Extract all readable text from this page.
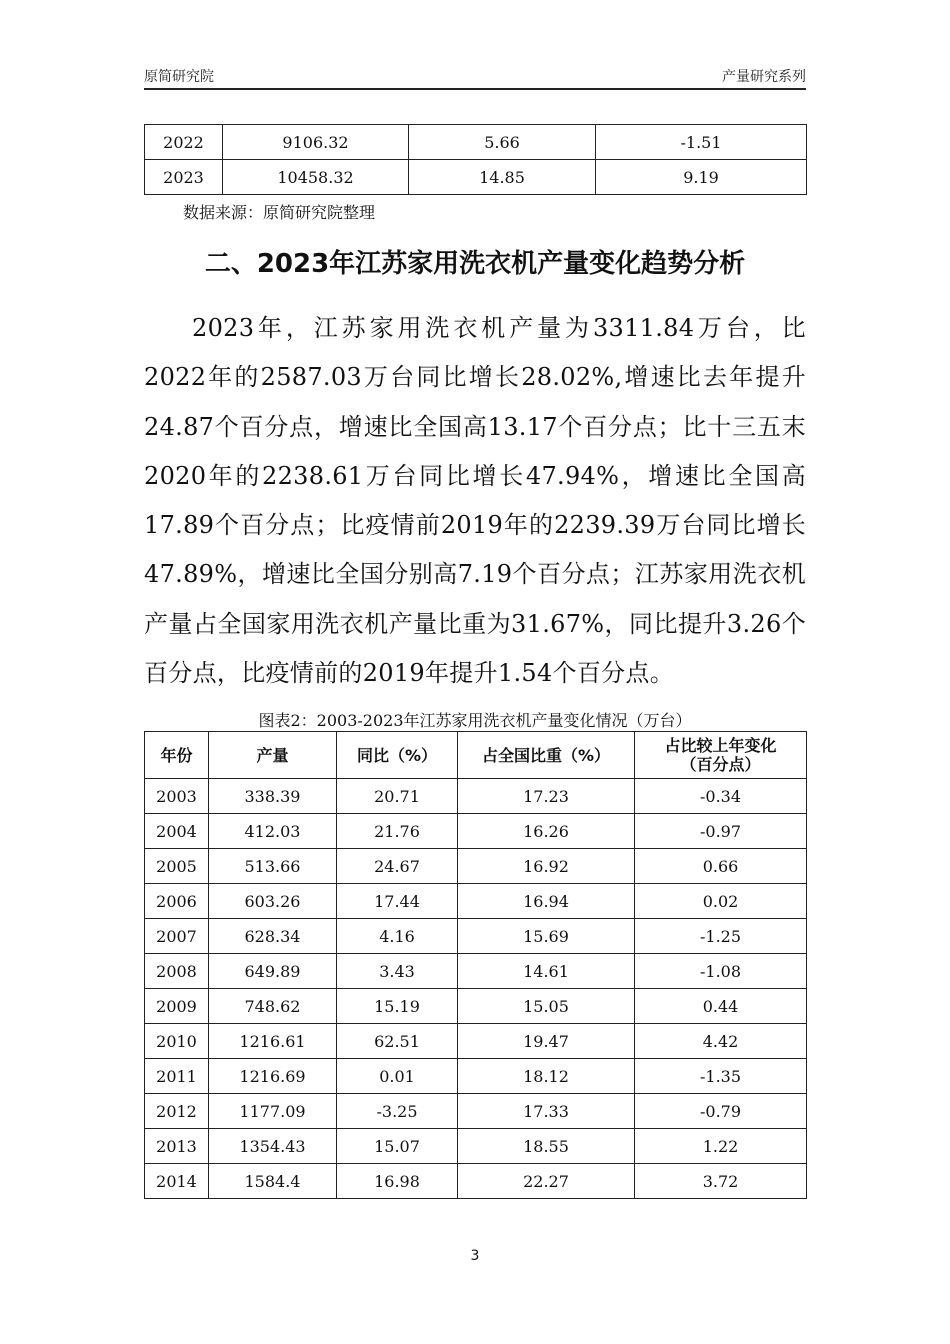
原简研究院	产量研究系列
2022	9106.32	5.66	-1.51
2023	10458.32	14.85	9.19
数据来源：原简研究院整理
二、2023年江苏家用洗衣机产量变化趋势分析
2023年，江苏家用洗衣机产量为3311.84万台，比2022年的2587.03万台同比增长28.02%,增速比去年提升24.87个百分点，增速比全国高13.17个百分点；比十三五末2020年的2238.61万台同比增长47.94%，增速比全国高17.89个百分点；比疫情前2019年的2239.39万台同比增长47.89%，增速比全国分别高7.19个百分点；江苏家用洗衣机产量占全国家用洗衣机产量比重为31.67%，同比提升3.26个百分点，比疫情前的2019年提升1.54个百分点。
图表2：2003-2023年江苏家用洗衣机产量变化情况（万台）
年份	产量	同比（%）	占全国比重（%）	占比较上年变化
（百分点）

2003	338.39	20.71	17.23	-0.34
2004	412.03	21.76	16.26	-0.97
2005	513.66	24.67	16.92	0.66
2006	603.26	17.44	16.94	0.02
2007	628.34	4.16	15.69	-1.25
2008	649.89	3.43	14.61	-1.08
2009	748.62	15.19	15.05	0.44
2010	1216.61	62.51	19.47	4.42
2011	1216.69	0.01	18.12	-1.35
2012	1177.09	-3.25	17.33	-0.79
2013	1354.43	15.07	18.55	1.22
2014	1584.4	16.98	22.27	3.72
3
